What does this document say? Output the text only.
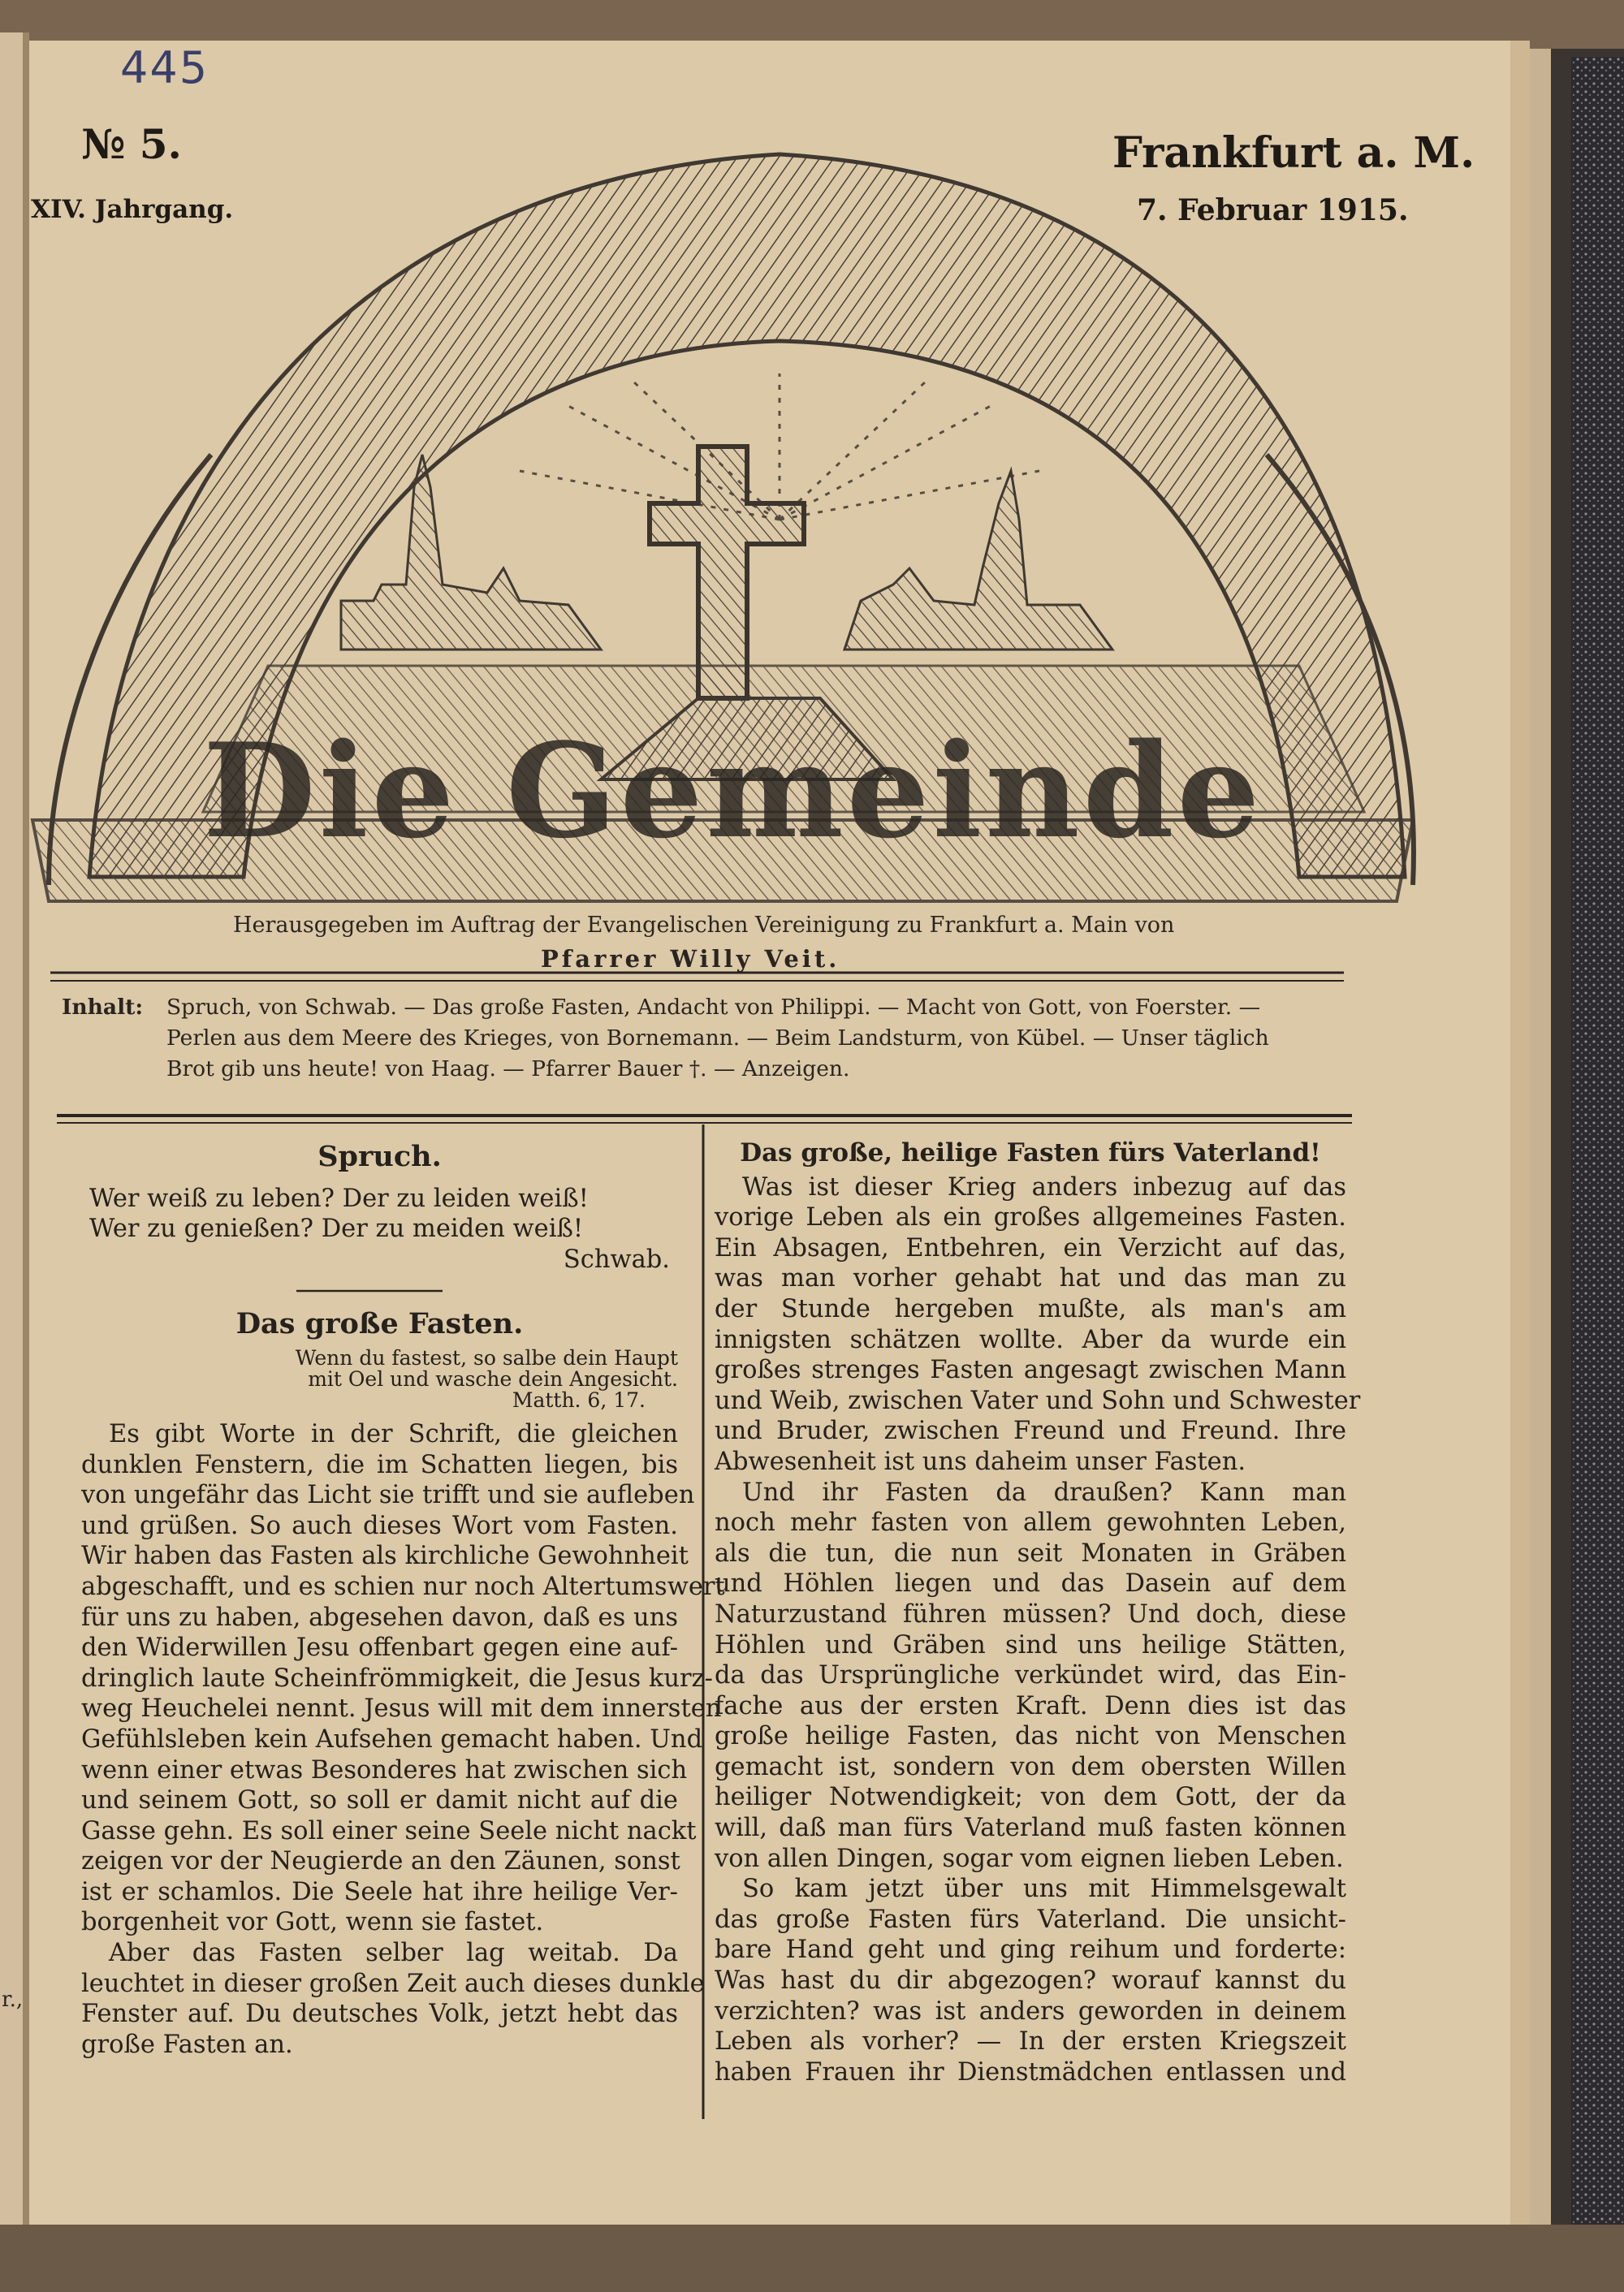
445
№ 5.
XIV. Jahrgang.
Frankfurt a. M.
7. Februar 1915.
Die Gemeinde
Herausgegeben im Auftrag der Evangelischen Vereinigung zu Frankfurt a. Main von
Pfarrer Willy Veit.
Inhalt: Spruch, von Schwab. — Das große Fasten, Andacht von Philippi. — Macht von Gott, von Foerster. —
Perlen aus dem Meere des Krieges, von Bornemann. — Beim Landsturm, von Kübel. — Unser täglich
Brot gib uns heute! von Haag. — Pfarrer Bauer †. — Anzeigen.
Spruch.
Wer weiß zu leben? Der zu leiden weiß!
Wer zu genießen? Der zu meiden weiß!
Schwab.
Das große Fasten.
Wenn du fastest, so salbe dein Haupt
mit Oel und wasche dein Angesicht.
Matth. 6, 17.
Es gibt Worte in der Schrift, die gleichen
dunklen Fenstern, die im Schatten liegen, bis
von ungefähr das Licht sie trifft und sie aufleben
und grüßen. So auch dieses Wort vom Fasten.
Wir haben das Fasten als kirchliche Gewohnheit
abgeschafft, und es schien nur noch Altertumswert
für uns zu haben, abgesehen davon, daß es uns
den Widerwillen Jesu offenbart gegen eine auf-
dringlich laute Scheinfrömmigkeit, die Jesus kurz-
weg Heuchelei nennt. Jesus will mit dem innersten
Gefühlsleben kein Aufsehen gemacht haben. Und
wenn einer etwas Besonderes hat zwischen sich
und seinem Gott, so soll er damit nicht auf die
Gasse gehn. Es soll einer seine Seele nicht nackt
zeigen vor der Neugierde an den Zäunen, sonst
ist er schamlos. Die Seele hat ihre heilige Ver-
borgenheit vor Gott, wenn sie fastet.
Aber das Fasten selber lag weitab. Da
leuchtet in dieser großen Zeit auch dieses dunkle
Fenster auf. Du deutsches Volk, jetzt hebt das
große Fasten an.
Das große, heilige Fasten fürs Vaterland!
Was ist dieser Krieg anders inbezug auf das
vorige Leben als ein großes allgemeines Fasten.
Ein Absagen, Entbehren, ein Verzicht auf das,
was man vorher gehabt hat und das man zu
der Stunde hergeben mußte, als man's am
innigsten schätzen wollte. Aber da wurde ein
großes strenges Fasten angesagt zwischen Mann
und Weib, zwischen Vater und Sohn und Schwester
und Bruder, zwischen Freund und Freund. Ihre
Abwesenheit ist uns daheim unser Fasten.
Und ihr Fasten da draußen? Kann man
noch mehr fasten von allem gewohnten Leben,
als die tun, die nun seit Monaten in Gräben
und Höhlen liegen und das Dasein auf dem
Naturzustand führen müssen? Und doch, diese
Höhlen und Gräben sind uns heilige Stätten,
da das Ursprüngliche verkündet wird, das Ein-
fache aus der ersten Kraft. Denn dies ist das
große heilige Fasten, das nicht von Menschen
gemacht ist, sondern von dem obersten Willen
heiliger Notwendigkeit; von dem Gott, der da
will, daß man fürs Vaterland muß fasten können
von allen Dingen, sogar vom eignen lieben Leben.
So kam jetzt über uns mit Himmelsgewalt
das große Fasten fürs Vaterland. Die unsicht-
bare Hand geht und ging reihum und forderte:
Was hast du dir abgezogen? worauf kannst du
verzichten? was ist anders geworden in deinem
Leben als vorher? — In der ersten Kriegszeit
haben Frauen ihr Dienstmädchen entlassen und
r.,
